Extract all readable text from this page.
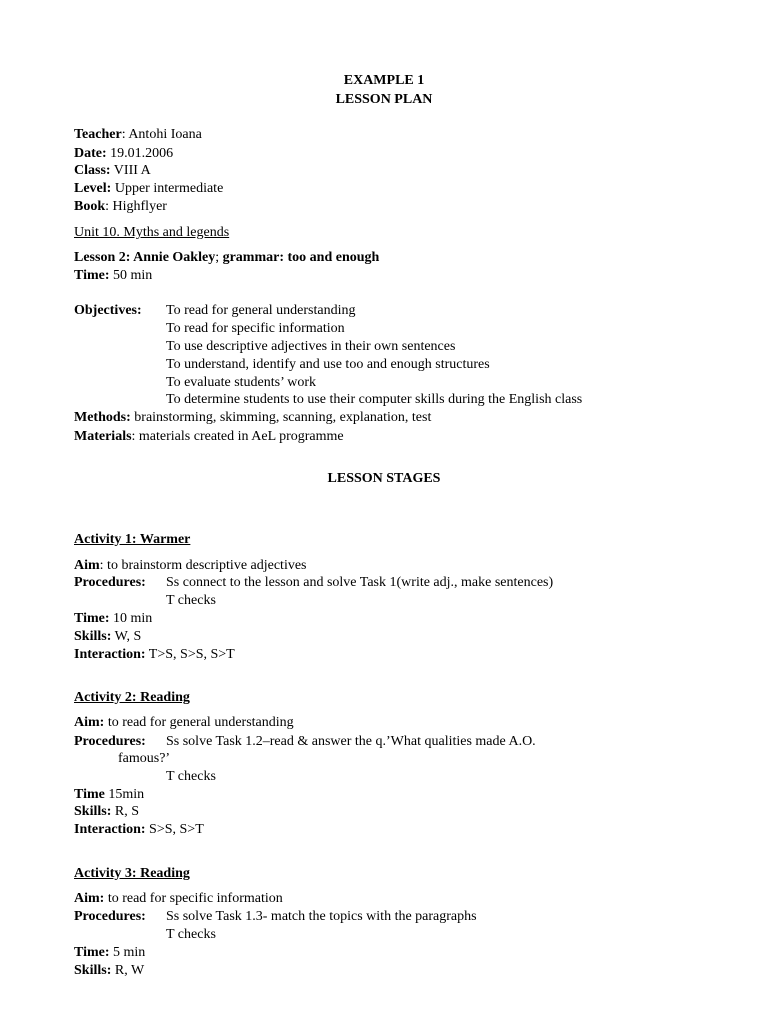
EXAMPLE 1
LESSON PLAN
Teacher: Antohi Ioana
Date: 19.01.2006
Class: VIII A
Level: Upper intermediate
Book: Highflyer
Unit 10. Myths and legends
Lesson 2: Annie Oakley; grammar: too and enough
Time: 50 min
Objectives: To read for general understanding
To read for specific information
To use descriptive adjectives in their own sentences
To understand, identify and use too and enough structures
To evaluate students’ work
To determine students to use their computer skills during the English class
Methods: brainstorming, skimming, scanning, explanation, test
Materials: materials created in AeL programme
LESSON STAGES
Activity 1: Warmer
Aim: to brainstorm descriptive adjectives
Procedures: Ss connect to the lesson and solve Task 1(write adj., make sentences)
T checks
Time: 10 min
Skills: W, S
Interaction: T>S, S>S, S>T
Activity 2: Reading
Aim: to read for general understanding
Procedures: Ss solve Task 1.2–read & answer the q.’What qualities made A.O.
famous?’
T checks
Time 15min
Skills: R, S
Interaction: S>S, S>T
Activity 3: Reading
Aim: to read for specific information
Procedures: Ss solve Task 1.3- match the topics with the paragraphs
T checks
Time: 5 min
Skills: R, W
